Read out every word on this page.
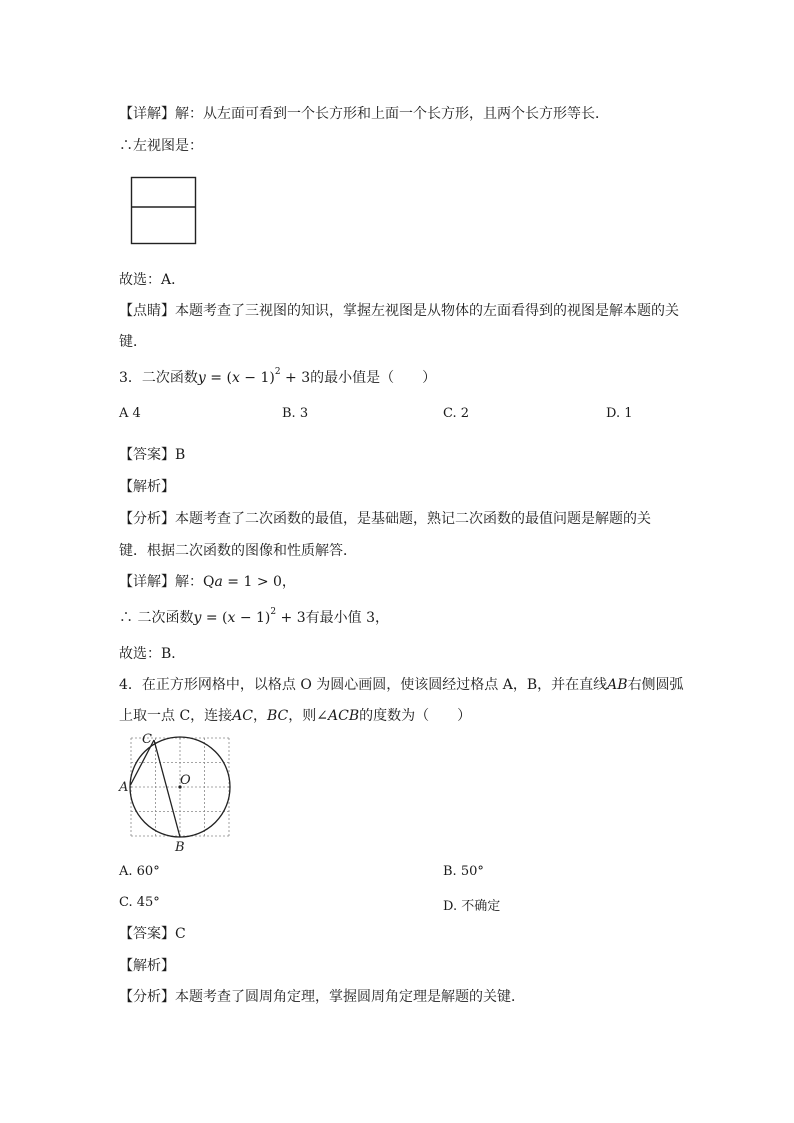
【详解】解：从左面可看到一个长方形和上面一个长方形，且两个长方形等长．
∴左视图是：
故选：A．
【点睛】本题考查了三视图的知识，掌握左视图是从物体的左面看得到的视图是解本题的关
键．
3．二次函数$y = (x - 1)^2 + 3$的最小值是（　　）
A 4	B. 3	C. 2	D. 1
【答案】B
【解析】
【分析】本题考查了二次函数的最值，是基础题，熟记二次函数的最值问题是解题的关
键．根据二次函数的图像和性质解答．
【详解】解：Qa = 1 > 0，
∴ 二次函数$y = (x - 1)^2 + 3$有最小值 3，
故选：B．
4．在正方形网格中，以格点 O 为圆心画圆，使该圆经过格点 A，B，并在直线AB右侧圆弧
上取一点 C，连接AC，BC，则∠ACB的度数为（　　）
C
O
A
B
A. 60°	B. 50°
C. 45°	D. 不确定
【答案】C
【解析】
【分析】本题考查了圆周角定理，掌握圆周角定理是解题的关键．
